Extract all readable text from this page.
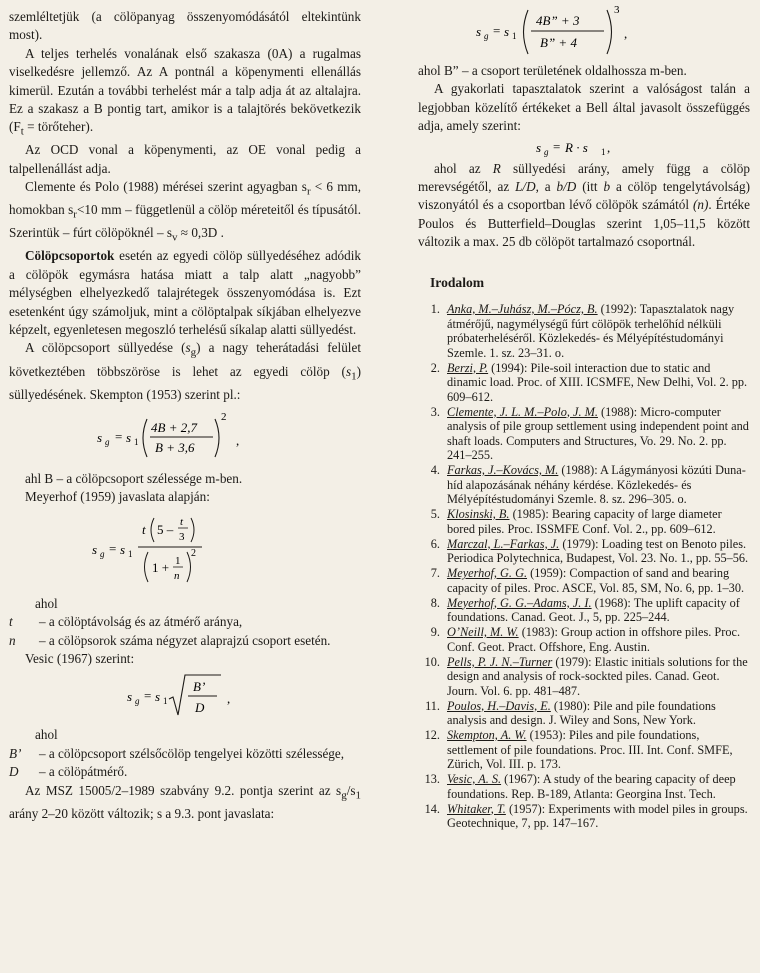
szemléltetjük (a cölöpanyag összenyomódásától eltekintünk most).

A teljes terhelés vonalának első szakasza (0A) a rugalmas viselkedésre jellemző. Az A pontnál a köpenymenti ellenállás kimerül. Ezután a további terhelést már a talp adja át az altalajra. Ez a szakasz a B pontig tart, amikor is a talajtörés bekövetkezik ($F_t$ = törőteher).

Az OCD vonal a köpenymenti, az OE vonal pedig a talpellenállást adja.

Clemente és Polo (1988) mérései szerint agyagban $s_r < 6$ mm, homokban $s_r<10$ mm – függetlenül a cölöp méreteitől és típusától. Szerintük – fúrt cölöpöknél – $s_v \approx 0,3D$ .

Cölöpcsoportok esetén az egyedi cölöp süllyedéséhez adódik a cölöpök egymásra hatása miatt a talp alatt „nagyobb” mélységben elhelyezkedő talajrétegek összenyomódása is. Ezt esetenként úgy számoljuk, mint a cölöptalpak síkjában elhelyezve képzelt, egyenletesen megoszló terhelésű síkalap alatti süllyedést.

A cölöpcsoport süllyedése $(s_g)$ a nagy teherátadási felület következtében többszöröse is lehet az egyedi cölöp $(s_1)$ süllyedésének. Skempton (1953) szerint pl.:

s g = s 1
4B + 2,7
B + 3,6
2
,

ahl B – a cölöpcsoport szélessége m-ben.

Meyerhof (1959) javaslata alapján:

s g = s 1
t 5 – t
3
1 + 1
n
2

ahol

t	– a cölöptávolság és az átmérő aránya,
n	– a cölöpsorok száma négyzet alaprajzú csoport esetén.

Vesic (1967) szerint:

s g = s 1
B’
D
,

ahol

B’	– a cölöpcsoport szélsőcölöp tengelyei közötti szélessége,
D	– a cölöpátmérő.

Az MSZ 15005/2–1989 szabvány 9.2. pontja szerint az $s_g/s_1$ arány 2–20 között változik; s a 9.3. pont javaslata:

s g = s 1
4B” + 3
B” + 4
3
,

ahol B” – a csoport területének oldalhossza m-ben.

A gyakorlati tapasztalatok szerint a valóságost talán a legjobban közelítő értékeket a Bell által javasolt összefüggés adja, amely szerint:

s g = R · s 1 ,

ahol az R süllyedési arány, amely függ a cölöp merevségétől, az L/D, a b/D (itt b a cölöp tengelytávolság) viszonyától és a csoportban lévő cölöpök számától (n). Értéke Poulos és Butterfield–Douglas szerint 1,05–11,5 között változik a max. 25 db cölöpöt tartalmazó csoportnál.

Irodalom
1. Anka, M.–Juhász, M.–Pócz, B. (1992): Tapasztalatok nagy átmérőjű, nagymélységű fúrt cölöpök terhelőhíd nélküli próbaterheléséről. Közlekedés- és Mélyépítéstudományi Szemle. 1. sz. 23–31. o.
2. Berzi, P. (1994): Pile-soil interaction due to static and dinamic load. Proc. of XIII. ICSMFE, New Delhi, Vol. 2. pp. 609–612.
3. Clemente, J. L. M.–Polo, J. M. (1988): Micro-computer analysis of pile group settlement using independent point and shaft loads. Computers and Structures, Vo. 29. No. 2. pp. 241–255.
4. Farkas, J.–Kovács, M. (1988): A Lágymányosi közúti Duna-híd alapozásának néhány kérdése. Közlekedés- és Mélyépítéstudományi Szemle. 8. sz. 296–305. o.
5. Klosinski, B. (1985): Bearing capacity of large diameter bored piles. Proc. ISSMFE Conf. Vol. 2., pp. 609–612.
6. Marczal, L.–Farkas, J. (1979): Loading test on Benoto piles. Periodica Polytechnica, Budapest, Vol. 23. No. 1., pp. 55–56.
7. Meyerhof, G. G. (1959): Compaction of sand and bearing capacity of piles. Proc. ASCE, Vol. 85, SM, No. 6, pp. 1–30.
8. Meyerhof, G. G.–Adams, J. I. (1968): The uplift capacity of foundations. Canad. Geot. J., 5, pp. 225–244.
9. O’Neill, M. W. (1983): Group action in offshore piles. Proc. Conf. Geot. Pract. Offshore, Eng. Austin.
10. Pells, P. J. N.–Turner (1979): Elastic initials solutions for the design and analysis of rock-sockted piles. Canad. Geot. Journ. Vol. 6. pp. 481–487.
11. Poulos, H.–Davis, E. (1980): Pile and pile foundations analysis and design. J. Wiley and Sons, New York.
12. Skempton, A. W. (1953): Piles and pile foundations, settlement of pile foundations. Proc. III. Int. Conf. SMFE, Zürich, Vol. III. p. 173.
13. Vesic, A. S. (1967): A study of the bearing capacity of deep foundations. Rep. B-189, Atlanta: Georgina Inst. Tech.
14. Whitaker, T. (1957): Experiments with model piles in groups. Geotechnique, 7, pp. 147–167.
